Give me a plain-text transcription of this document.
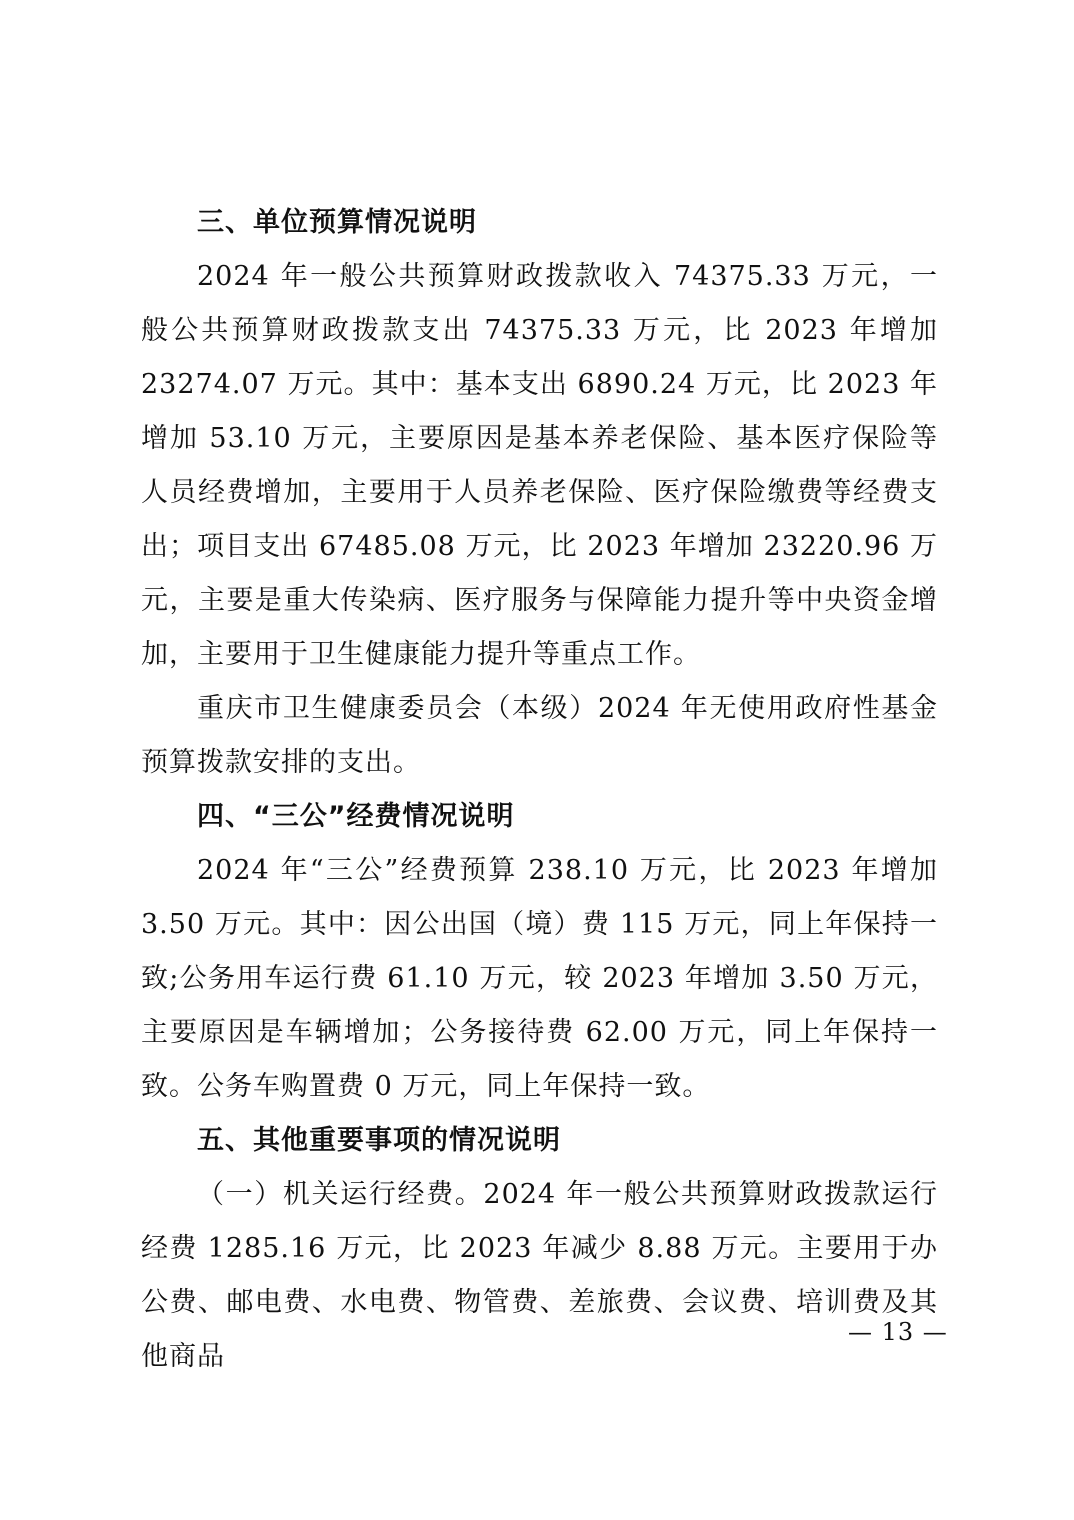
三、单位预算情况说明

2024 年一般公共预算财政拨款收入 74375.33 万元，一般公共预算财政拨款支出 74375.33 万元，比 2023 年增加 23274.07 万元。其中：基本支出 6890.24 万元，比 2023 年增加 53.10 万元，主要原因是基本养老保险、基本医疗保险等人员经费增加，主要用于人员养老保险、医疗保险缴费等经费支出；项目支出 67485.08 万元，比 2023 年增加 23220.96 万元，主要是重大传染病、医疗服务与保障能力提升等中央资金增加，主要用于卫生健康能力提升等重点工作。

重庆市卫生健康委员会（本级）2024 年无使用政府性基金预算拨款安排的支出。

四、“三公”经费情况说明

2024 年“三公”经费预算 238.10 万元，比 2023 年增加 3.50 万元。其中：因公出国（境）费 115 万元，同上年保持一致;公务用车运行费 61.10 万元，较 2023 年增加 3.50 万元，主要原因是车辆增加；公务接待费 62.00 万元，同上年保持一致。公务车购置费 0 万元，同上年保持一致。

五、其他重要事项的情况说明

（一）机关运行经费。2024 年一般公共预算财政拨款运行经费 1285.16 万元，比 2023 年减少 8.88 万元。主要用于办公费、邮电费、水电费、物管费、差旅费、会议费、培训费及其他商品

— 13 —
